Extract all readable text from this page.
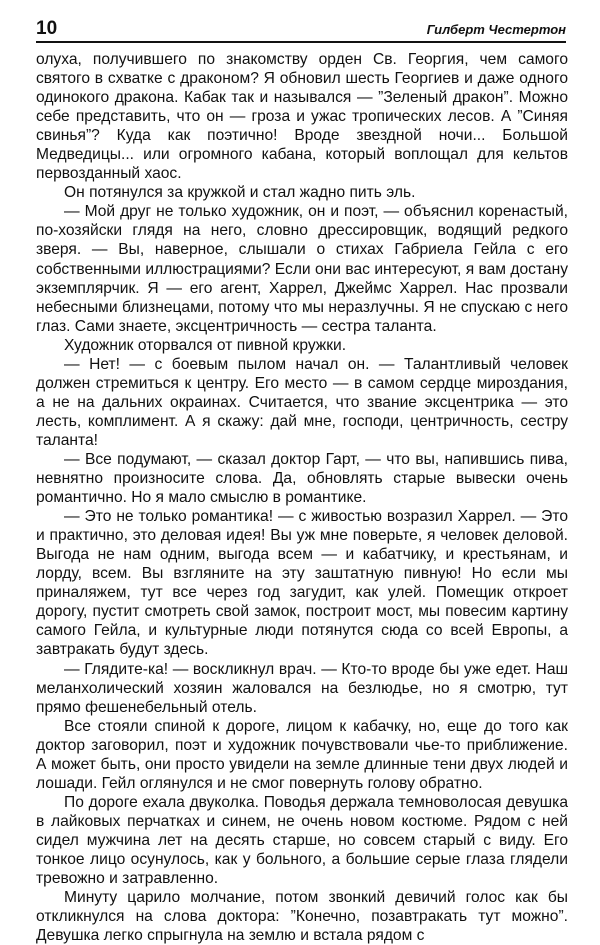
10	Гилберт Честертон

олуха, получившего по знакомству орден Св. Георгия, чем самого святого в схватке с драконом? Я обновил шесть Георгиев и даже одного одинокого дракона. Кабак так и назывался — ”Зеленый дракон”. Можно себе представить, что он — гроза и ужас тропических лесов. А ”Синяя свинья”? Куда как поэтично! Вроде звездной ночи... Большой Медведицы... или огромного кабана, который воплощал для кельтов первозданный хаос.

Он потянулся за кружкой и стал жадно пить эль.

— Мой друг не только художник, он и поэт, — объяснил коренастый, по-хозяйски глядя на него, словно дрессировщик, водящий редкого зверя. — Вы, наверное, слышали о стихах Габриела Гейла с его собственными иллюстрациями? Если они вас интересуют, я вам достану экземплярчик. Я — его агент, Харрел, Джеймс Харрел. Нас прозвали небесными близнецами, потому что мы неразлучны. Я не спускаю с него глаз. Сами знаете, эксцентричность — сестра таланта.

Художник оторвался от пивной кружки.

— Нет! — с боевым пылом начал он. — Талантливый человек должен стремиться к центру. Его место — в самом сердце мироздания, а не на дальних окраинах. Считается, что звание эксцентрика — это лесть, комплимент. А я скажу: дай мне, господи, центричность, сестру таланта!

— Все подумают, — сказал доктор Гарт, — что вы, напившись пива, невнятно произносите слова. Да, обновлять старые вывески очень романтично. Но я мало смыслю в романтике.

— Это не только романтика! — с живостью возразил Харрел. — Это и практично, это деловая идея! Вы уж мне поверьте, я человек деловой. Выгода не нам одним, выгода всем — и кабатчику, и крестьянам, и лорду, всем. Вы взгляните на эту заштатную пивную! Но если мы приналяжем, тут все через год загудит, как улей. Помещик откроет дорогу, пустит смотреть свой замок, построит мост, мы повесим картину самого Гейла, и культурные люди потянутся сюда со всей Европы, а завтракать будут здесь.

— Глядите-ка! — воскликнул врач. — Кто-то вроде бы уже едет. Наш меланхолический хозяин жаловался на безлюдье, но я смотрю, тут прямо фешенебельный отель.

Все стояли спиной к дороге, лицом к кабачку, но, еще до того как доктор заговорил, поэт и художник почувствовали чье-то приближение. А может быть, они просто увидели на земле длинные тени двух людей и лошади. Гейл оглянулся и не смог повернуть голову обратно.

По дороге ехала двуколка. Поводья держала темноволосая девушка в лайковых перчатках и синем, не очень новом костюме. Рядом с ней сидел мужчина лет на десять старше, но совсем старый с виду. Его тонкое лицо осунулось, как у больного, а большие серые глаза глядели тревожно и затравленно.

Минуту царило молчание, потом звонкий девичий голос как бы откликнулся на слова доктора: ”Конечно, позавтракать тут можно”. Девушка легко спрыгнула на землю и встала рядом с
